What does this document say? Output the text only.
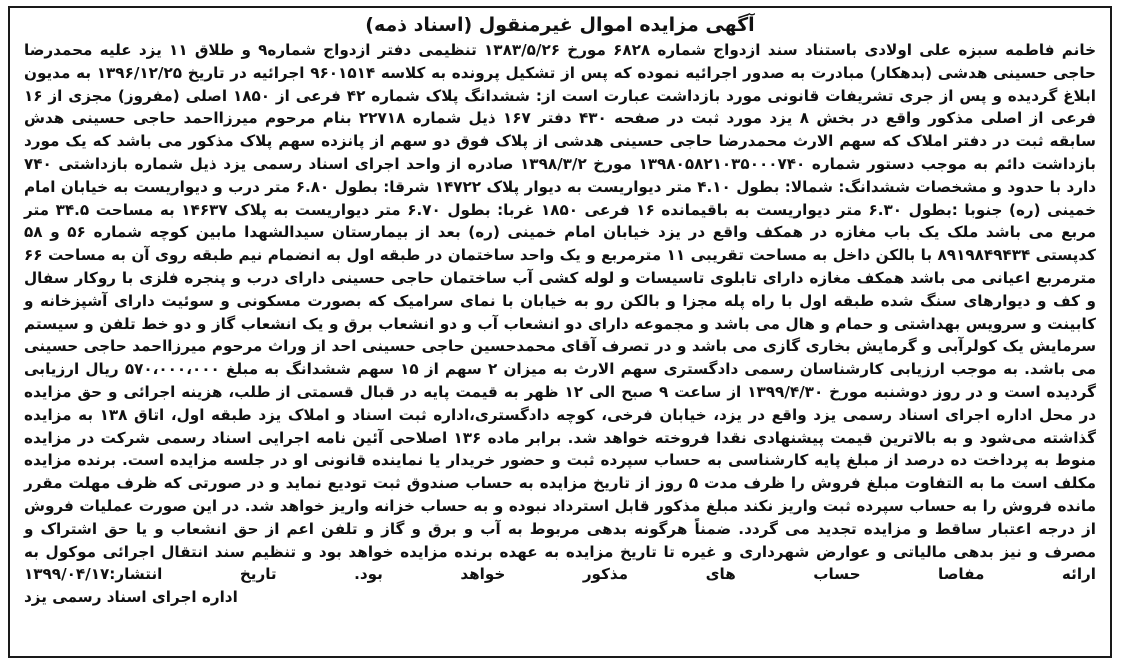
آگهی مزایده اموال غیرمنقول (اسناد ذمه)

خانم فاطمه سبزه علی اولادی باستناد سند ازدواج شماره ۶۸۲۸ مورخ ۱۳۸۳/۵/۲۶ تنظیمی دفتر ازدواج شماره۹ و طلاق ۱۱ یزد علیه محمدرضا حاجی حسینی هدشی (بدهکار) مبادرت به صدور اجرائیه نموده که پس از تشکیل پرونده به کلاسه ۹۶۰۱۵۱۴ اجرائیه در تاریخ ۱۳۹۶/۱۲/۲۵ به مدیون ابلاغ گردیده و پس از جری تشریفات قانونی مورد بازداشت عبارت است از: ششدانگ پلاک شماره ۴۲ فرعی از ۱۸۵۰ اصلی (مفروز) مجزی از ۱۶ فرعی از اصلی مذکور واقع در بخش ۸ یزد مورد ثبت در صفحه ۴۳۰ دفتر ۱۶۷ ذیل شماره ۲۲۷۱۸ بنام مرحوم میرزااحمد حاجی حسینی هدش سابقه ثبت در دفتر املاک که سهم الارث محمدرضا حاجی حسینی هدشی از پلاک فوق دو سهم از پانزده سهم پلاک مذکور می باشد که یک مورد بازداشت دائم به موجب دستور شماره ۱۳۹۸۰۵۸۲۱۰۳۵۰۰۰۷۴۰ مورخ ۱۳۹۸/۳/۲ صادره از واحد اجرای اسناد رسمی یزد ذیل شماره بازداشتی ۷۴۰ دارد با حدود و مشخصات ششدانگ: شمالا: بطول ۴.۱۰ متر دیواریست به دیوار پلاک ۱۴۷۲۲ شرقا: بطول ۶.۸۰ متر درب و دیواریست به خیابان امام خمینی (ره) جنوبا :بطول ۶.۳۰ متر دیواریست به باقیمانده ۱۶ فرعی ۱۸۵۰ غربا: بطول ۶.۷۰ متر دیواریست به پلاک ۱۴۶۳۷ به مساحت ۳۴.۵ متر مربع می باشد ملک یک باب مغازه در همکف واقع در یزد خیابان امام خمینی (ره) بعد از بیمارستان سیدالشهدا مابین کوچه شماره ۵۶ و ۵۸ کدپستی ۸۹۱۹۸۴۹۴۳۴ با بالکن داخل به مساحت تقریبی ۱۱ مترمربع و یک واحد ساختمان در طبقه اول به انضمام نیم طبقه روی آن به مساحت ۶۶ مترمربع اعیانی می باشد همکف مغازه دارای تابلوی تاسیسات و لوله کشی آب ساختمان حاجی حسینی دارای درب و پنجره فلزی با روکار سفال و کف و دیوارهای سنگ شده طبقه اول با راه پله مجزا و بالکن رو به خیابان با نمای سرامیک که بصورت مسکونی و سوئیت دارای آشپزخانه و کابینت و سرویس بهداشتی و حمام و هال می باشد و مجموعه دارای دو انشعاب آب و دو انشعاب برق و یک انشعاب گاز و دو خط تلفن و سیستم سرمایش یک کولرآبی و گرمایش بخاری گازی می باشد و در تصرف آقای محمدحسین حاجی حسینی احد از وراث مرحوم میرزااحمد حاجی حسینی می باشد. به موجب ارزیابی کارشناسان رسمی دادگستری سهم الارث به میزان ۲ سهم از ۱۵ سهم ششدانگ به مبلغ ۵۷۰،۰۰۰،۰۰۰ ریال ارزیابی گردیده است و در روز دوشنبه مورخ ۱۳۹۹/۴/۳۰ از ساعت ۹ صبح الی ۱۲ ظهر به قیمت پایه در قبال قسمتی از طلب، هزینه اجرائی و حق مزایده در محل اداره اجرای اسناد رسمی یزد واقع در یزد، خیابان فرخی، کوچه دادگستری،اداره ثبت اسناد و املاک یزد طبقه اول، اتاق ۱۳۸ به مزایده گذاشته می‌شود و به بالاترین قیمت پیشنهادی نقدا فروخته خواهد شد. برابر ماده ۱۳۶ اصلاحی آئین نامه اجرایی اسناد رسمی شرکت در مزایده منوط به پرداخت ده درصد از مبلغ پایه کارشناسی به حساب سپرده ثبت و حضور خریدار یا نماینده قانونی او در جلسه مزایده است. برنده مزایده مکلف است ما به التفاوت مبلغ فروش را ظرف مدت ۵ روز از تاریخ مزایده به حساب صندوق ثبت تودیع نماید و در صورتی که ظرف مهلت مقرر مانده فروش را به حساب سپرده ثبت واریز نکند مبلغ مذکور قابل استرداد نبوده و به حساب خزانه واریز خواهد شد. در این صورت عملیات فروش از درجه اعتبار ساقط و مزایده تجدید می گردد. ضمناً هرگونه بدهی مربوط به آب و برق و گاز و تلفن اعم از حق انشعاب و یا حق اشتراک و مصرف و نیز بدهی مالیاتی و عوارض شهرداری و غیره تا تاریخ مزایده به عهده برنده مزایده خواهد بود و تنظیم سند انتقال اجرائی موکول به ارائه مفاصا حساب های مذکور خواهد بود. تاریخ انتشار:۱۳۹۹/۰۴/۱۷

اداره اجرای اسناد رسمی یزد
